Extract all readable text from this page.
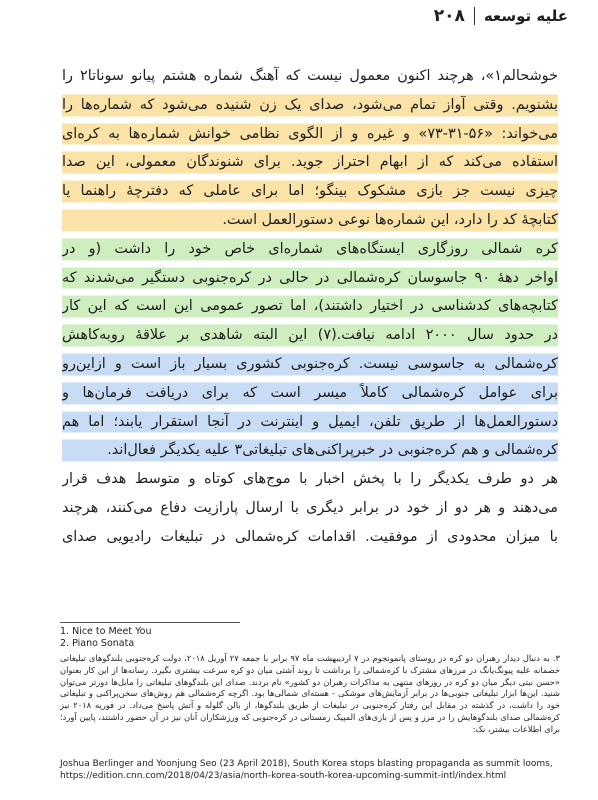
۲۰۸ علیه توسعه
خوشحالم۱»، هرچند اکنون معمول نیست که آهنگ شماره هشتم پیانو سوناتا۲ را
بشنویم. وقتی آواز تمام می‌شود، صدای یک زن شنیده می‌شود که شماره‌ها را
می‌خواند: «۵۶-۳۱-۷۳» و غیره و از الگوی نظامی خوانش شماره‌ها به کره‌ای
استفاده می‌کند که از ابهام احتراز جوید. برای شنوندگان معمولی، این صدا
چیزی نیست جز بازی مشکوک بینگو؛ اما برای عاملی که دفترچهٔ راهنما یا
کتابچهٔ کد را دارد، این شماره‌ها نوعی دستورالعمل است.
کره شمالی روزگاری ایستگاه‌های شماره‌ای خاص خود را داشت (و در
اواخر دههٔ ۹۰ جاسوسان کره‌شمالی در حالی در کره‌جنوبی دستگیر می‌شدند که
کتابچه‌های کدشناسی در اختیار داشتند)، اما تصور عمومی این است که این کار
در حدود سال ۲۰۰۰ ادامه نیافت.(۷) این البته شاهدی بر علاقهٔ روبه‌کاهش
کره‌شمالی به جاسوسی نیست. کره‌جنوبی کشوری بسیار باز است و ازاین‌رو
برای عوامل کره‌شمالی کاملاً میسر است که برای دریافت فرمان‌ها و
دستورالعمل‌ها از طریق تلفن، ایمیل و اینترنت در آنجا استقرار یابند؛ اما هم
کره‌شمالی و هم کره‌جنوبی در خبرپراکنی‌های تبلیغاتی۳ علیه یکدیگر فعال‌اند.
هر دو طرف یکدیگر را با پخش اخبار با موج‌های کوتاه و متوسط هدف قرار
می‌دهند و هر دو از خود در برابر دیگری با ارسال پارازیت دفاع می‌کنند، هرچند
با میزان محدودی از موفقیت. اقدامات کره‌شمالی در تبلیغات رادیویی صدای
1. Nice to Meet You
2. Piano Sonata
۳. به دنبال دیدار رهبران دو کره در روستای پانمونجوم در ۷ اردیبهشت ماه ۹۷ برابر با جمعه ۲۷ آوریل ۲۰۱۸، دولت کره‌جنوبی بلندگوهای تبلیغاتی خصمانه علیه پیونگ‌یانگ در مرزهای مشترک با کره‌شمالی را برداشت تا روند آشتی میان دو کره سرعت بیشتری بگیرد. رسانه‌ها از این کار بعنوان «حسن نیتی دیگر میان دو کره در روزهای منتهی به مذاکرات رهبران دو کشور» نام بردند. صدای این بلندگوهای تبلیغاتی را مایل‌ها دورتر می‌توان شنید. این‌ها ابزار تبلیغاتی جنوبی‌ها در برابر آزمایش‌های موشکی - هسته‌ای شمالی‌ها بود. اگرچه کره‌شمالی هم روش‌های سخن‌پراکنی و تبلیغاتی خود را داشت، در گذشته در مقابل این رفتار کره‌جنوبی در تبلیغات از طریق بلندگوها، از بالن گلوله و آتش پاسخ می‌داد. در فوریه ۲۰۱۸ نیز کره‌شمالی صدای بلندگوهایش را در مرز و پس از بازی‌های المپیک زمستانی در کره‌جنوبی که ورزشکاران آنان نیز در آن حضور داشتند، پایین آورد؛ برای اطلاعات بیشتر، نک:
Joshua Berlinger and Yoonjung Seo (23 April 2018), South Korea stops blasting propaganda as summit looms, https://edition.cnn.com/2018/04/23/asia/north-korea-south-korea-upcoming-summit-intl/index.html
